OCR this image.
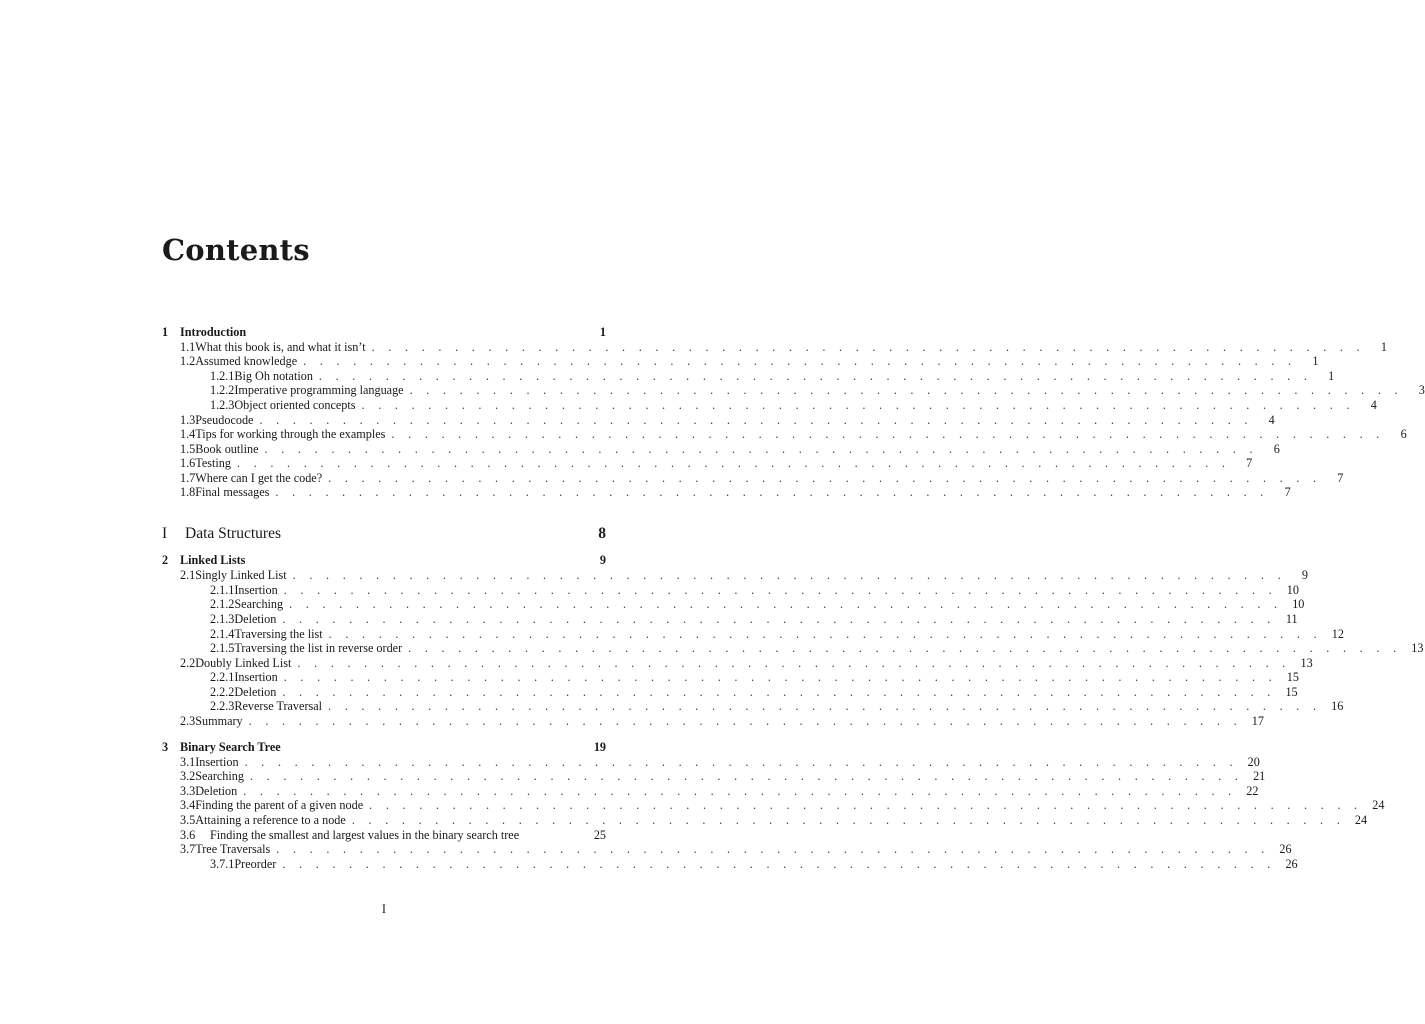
Contents
1 Introduction	1
1.1 What this book is, and what it isn’t . . . . . . . . . . . . . . . . . . . . . . . . . . . . . . . . . . . . . . . . . . . . . . . . . . . . . . . . . . . .	1
1.2 Assumed knowledge . . . . . . . . . . . . . . . . . . . . . . . . . . . . . . . . . . . . . . . . . . . . . . . . . . . . . . . . . . . .	1
1.2.1 Big Oh notation . . . . . . . . . . . . . . . . . . . . . . . . . . . . . . . . . . . . . . . . . . . . . . . . . . . . . . . . . . . .	1
1.2.2 Imperative programming language . . . . . . . . . . . . . . . . . . . . . . . . . . . . . . . . . . . . . . . . . . . . . . . . . . . . . . . . . . . .	3
1.2.3 Object oriented concepts . . . . . . . . . . . . . . . . . . . . . . . . . . . . . . . . . . . . . . . . . . . . . . . . . . . . . . . . . . . .	4
1.3 Pseudocode . . . . . . . . . . . . . . . . . . . . . . . . . . . . . . . . . . . . . . . . . . . . . . . . . . . . . . . . . . . .	4
1.4 Tips for working through the examples . . . . . . . . . . . . . . . . . . . . . . . . . . . . . . . . . . . . . . . . . . . . . . . . . . . . . . . . . . . .	6
1.5 Book outline . . . . . . . . . . . . . . . . . . . . . . . . . . . . . . . . . . . . . . . . . . . . . . . . . . . . . . . . . . . .	6
1.6 Testing . . . . . . . . . . . . . . . . . . . . . . . . . . . . . . . . . . . . . . . . . . . . . . . . . . . . . . . . . . . .	7
1.7 Where can I get the code? . . . . . . . . . . . . . . . . . . . . . . . . . . . . . . . . . . . . . . . . . . . . . . . . . . . . . . . . . . . .	7
1.8 Final messages . . . . . . . . . . . . . . . . . . . . . . . . . . . . . . . . . . . . . . . . . . . . . . . . . . . . . . . . . . . .	7
I	Data Structures	8
2 Linked Lists	9
2.1 Singly Linked List . . . . . . . . . . . . . . . . . . . . . . . . . . . . . . . . . . . . . . . . . . . . . . . . . . . . . . . . . . . .	9
2.1.1 Insertion . . . . . . . . . . . . . . . . . . . . . . . . . . . . . . . . . . . . . . . . . . . . . . . . . . . . . . . . . . . . 10
2.1.2 Searching . . . . . . . . . . . . . . . . . . . . . . . . . . . . . . . . . . . . . . . . . . . . . . . . . . . . . . . . . . . . 10
2.1.3 Deletion . . . . . . . . . . . . . . . . . . . . . . . . . . . . . . . . . . . . . . . . . . . . . . . . . . . . . . . . . . . . 11
2.1.4 Traversing the list . . . . . . . . . . . . . . . . . . . . . . . . . . . . . . . . . . . . . . . . . . . . . . . . . . . . . . . . . . . . 12
2.1.5 Traversing the list in reverse order . . . . . . . . . . . . . . . . . . . . . . . . . . . . . . . . . . . . . . . . . . . . . . . . . . . . . . . . . . . . 13
2.2 Doubly Linked List . . . . . . . . . . . . . . . . . . . . . . . . . . . . . . . . . . . . . . . . . . . . . . . . . . . . . . . . . . . . 13
2.2.1 Insertion . . . . . . . . . . . . . . . . . . . . . . . . . . . . . . . . . . . . . . . . . . . . . . . . . . . . . . . . . . . . 15
2.2.2 Deletion . . . . . . . . . . . . . . . . . . . . . . . . . . . . . . . . . . . . . . . . . . . . . . . . . . . . . . . . . . . . 15
2.2.3 Reverse Traversal . . . . . . . . . . . . . . . . . . . . . . . . . . . . . . . . . . . . . . . . . . . . . . . . . . . . . . . . . . . . 16
2.3 Summary . . . . . . . . . . . . . . . . . . . . . . . . . . . . . . . . . . . . . . . . . . . . . . . . . . . . . . . . . . . . 17
3 Binary Search Tree	19
3.1 Insertion . . . . . . . . . . . . . . . . . . . . . . . . . . . . . . . . . . . . . . . . . . . . . . . . . . . . . . . . . . . . 20
3.2 Searching . . . . . . . . . . . . . . . . . . . . . . . . . . . . . . . . . . . . . . . . . . . . . . . . . . . . . . . . . . . . 21
3.3 Deletion . . . . . . . . . . . . . . . . . . . . . . . . . . . . . . . . . . . . . . . . . . . . . . . . . . . . . . . . . . . . 22
3.4 Finding the parent of a given node . . . . . . . . . . . . . . . . . . . . . . . . . . . . . . . . . . . . . . . . . . . . . . . . . . . . . . . . . . . . 24
3.5 Attaining a reference to a node . . . . . . . . . . . . . . . . . . . . . . . . . . . . . . . . . . . . . . . . . . . . . . . . . . . . . . . . . . . . 24
3.6	Finding the smallest and largest values in the binary search tree	25
3.7 Tree Traversals . . . . . . . . . . . . . . . . . . . . . . . . . . . . . . . . . . . . . . . . . . . . . . . . . . . . . . . . . . . . 26
3.7.1 Preorder . . . . . . . . . . . . . . . . . . . . . . . . . . . . . . . . . . . . . . . . . . . . . . . . . . . . . . . . . . . . 26
I
